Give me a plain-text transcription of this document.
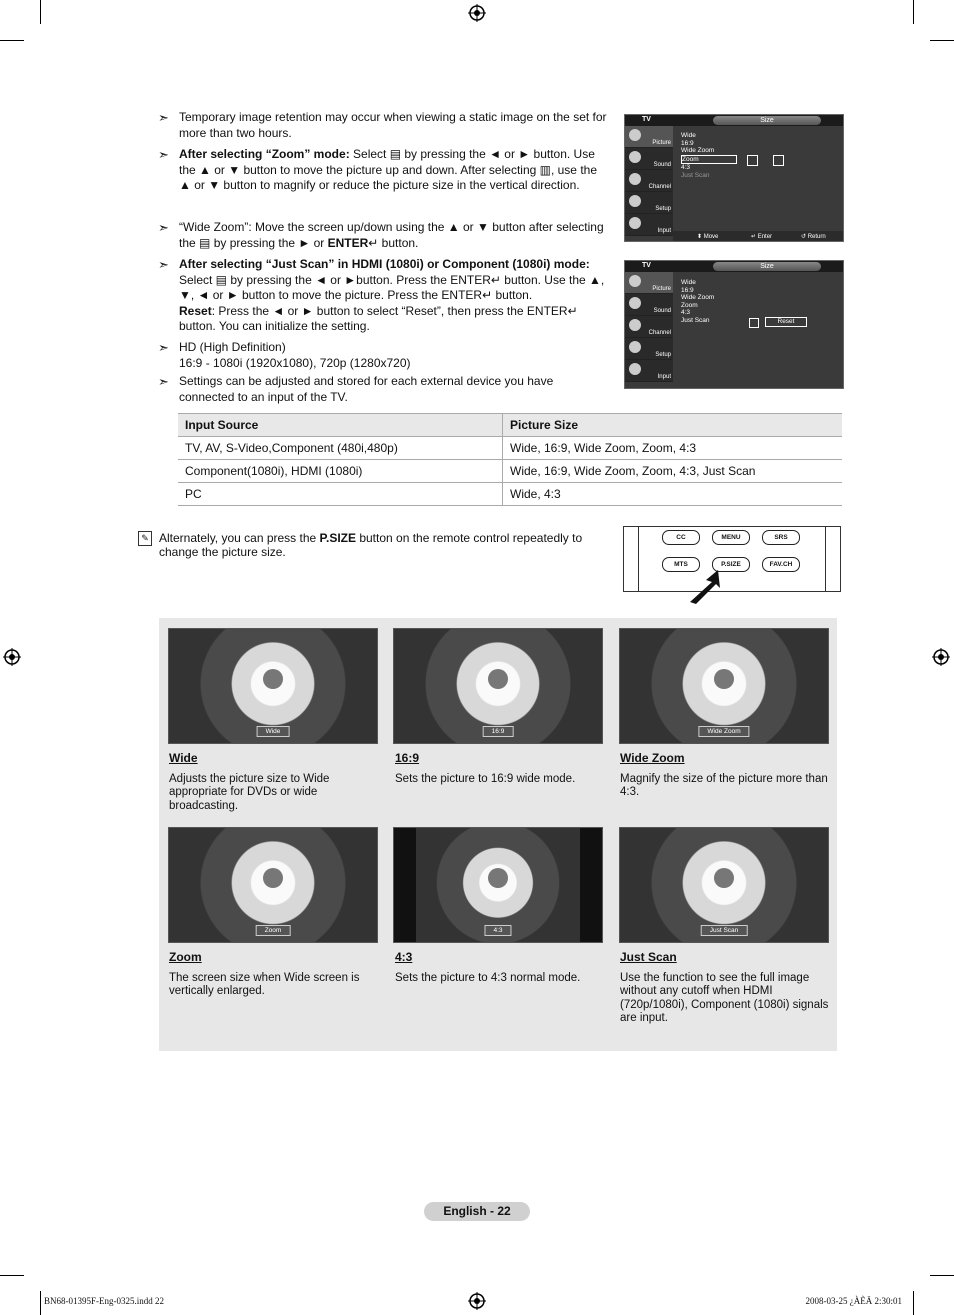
➣ Temporary image retention may occur when viewing a static image on the set for more than two hours.
➣ After selecting “Zoom” mode: Select ▤ by pressing the ◄ or ► button. Use the ▲ or ▼ button to move the picture up and down. After selecting ▥, use the ▲ or ▼ button to magnify or reduce the picture size in the vertical direction.
➣ “Wide Zoom”: Move the screen up/down using the ▲ or ▼ button after selecting the ▤ by pressing the ► or ENTER↵ button.
➣ After selecting “Just Scan” in HDMI (1080i) or Component (1080i) mode: Select ▤ by pressing the ◄ or ►button. Press the ENTER↵ button. Use the ▲, ▼, ◄ or ► button to move the picture. Press the ENTER↵ button.
Reset: Press the ◄ or ► button to select “Reset”, then press the ENTER↵ button. You can initialize the setting.
➣ HD (High Definition)
16:9 - 1080i (1920x1080), 720p (1280x720)
➣ Settings can be adjusted and stored for each external device you have connected to an input of the TV.
TV	Size
Picture
Sound
Channel
Setup
Input
Wide
16:9
Wide Zoom
Zoom
4:3
Just Scan
⬍ Move	↵ Enter	↺ Return
TV	Size
Picture
Sound
Channel
Setup
Input
Wide
16:9
Wide Zoom
Zoom
4:3
Just Scan	Reset
Input Source	Picture Size
TV, AV, S-Video,Component (480i,480p)	Wide, 16:9, Wide Zoom, Zoom, 4:3
Component(1080i), HDMI (1080i)	Wide, 16:9, Wide Zoom, Zoom, 4:3, Just Scan
PC	Wide, 4:3
✎ Alternately, you can press the P.SIZE button on the remote control repeatedly to change the picture size.
CC	MENU	SRS
MTS	P.SIZE	FAV.CH
Wide	16:9	Wide Zoom
Zoom	4:3	Just Scan
Wide
Adjusts the picture size to Wide appropriate for DVDs or wide broadcasting.
16:9
Sets the picture to 16:9 wide mode.
Wide Zoom
Magnify the size of the picture more than 4:3.
Zoom
The screen size when Wide screen is vertically enlarged.
4:3
Sets the picture to 4:3 normal mode.
Just Scan
Use the function to see the full image without any cutoff when HDMI (720p/1080i), Component (1080i) signals are input.
English - 22
BN68-01395F-Eng-0325.indd 22	2008-03-25 ¿ÀÈÄ 2:30:01
